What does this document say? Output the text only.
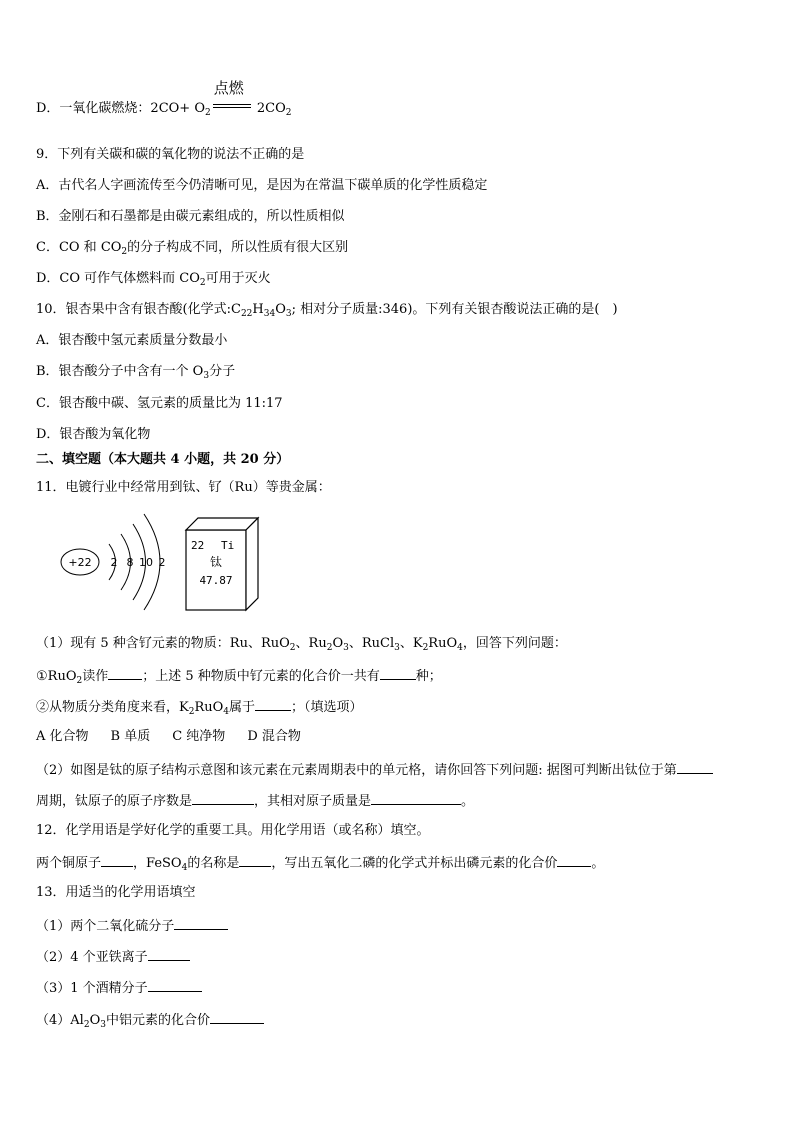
D．一氧化碳燃烧：$2CO+ O_2$
点燃
$2CO_2$
9．下列有关碳和碳的氧化物的说法不正确的是
A．古代名人字画流传至今仍清晰可见，是因为在常温下碳单质的化学性质稳定
B．金刚石和石墨都是由碳元素组成的，所以性质相似
C．CO 和 $CO_2$的分子构成不同，所以性质有很大区别
D．CO 可作气体燃料而 $CO_2$可用于灭火
10．银杏果中含有银杏酸(化学式$:C_{22}H_{34}O_3$; 相对分子质量:346)。下列有关银杏酸说法正确的是(　)
A．银杏酸中氢元素质量分数最小
B．银杏酸分子中含有一个 $O_3$分子
C．银杏酸中碳、氢元素的质量比为 11:17
D．银杏酸为氧化物
二、填空题（本大题共 4 小题，共 20 分）
11．电镀行业中经常用到钛、钌（Ru）等贵金属：
+22 2 8 10 2
22 Ti
钛
47.87
（1）现有 5 种含钌元素的物质：Ru、RuO$_2$、$Ru_2O_3$、RuCl$_3$、$K_2RuO_4$，回答下列问题：
①RuO$_2$读作	；上述 5 种物质中钌元素的化合价一共有	种；
②从物质分类角度来看，$K_2RuO_4$属于	；（填选项）
A 化合物 B 单质 C 纯净物 D 混合物
（2）如图是钛的原子结构示意图和该元素在元素周期表中的单元格，请你回答下列问题: 据图可判断出钛位于第
周期，钛原子的原子序数是	，其相对原子质量是	。
12．化学用语是学好化学的重要工具。用化学用语（或名称）填空。
两个铜原子 ，FeSO$_4$的名称是 ，写出五氧化二磷的化学式并标出磷元素的化合价	。
13．用适当的化学用语填空
（1）两个二氧化硫分子
（2）4 个亚铁离子
（3）1 个酒精分子
$(4)Al_2O_3$中铝元素的化合价
